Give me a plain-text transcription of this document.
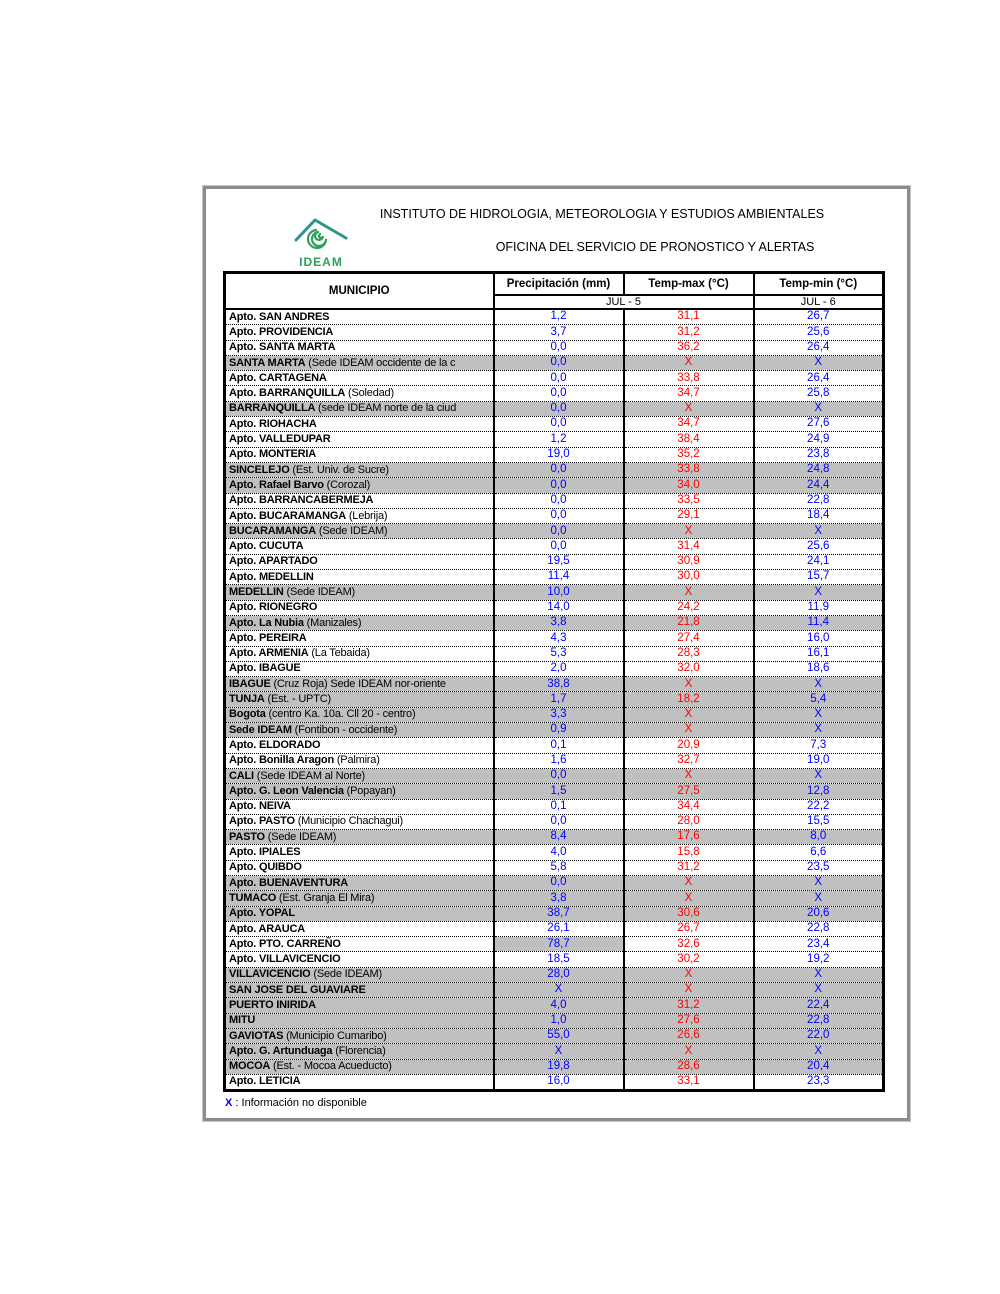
INSTITUTO DE HIDROLOGIA, METEOROLOGIA Y ESTUDIOS AMBIENTALES
OFICINA DEL SERVICIO DE PRONOSTICO Y ALERTAS
IDEAM
MUNICIPIO	Precipitación (mm)	Temp-max (°C)	Temp-min (°C)
	JUL - 5		JUL - 6
Apto. SAN ANDRES	1,2	31,1	26,7
Apto. PROVIDENCIA	3,7	31,2	25,6
Apto. SANTA MARTA	0,0	36,2	26,4
SANTA MARTA (Sede IDEAM occidente de la c	0,0	X	X
Apto. CARTAGENA	0,0	33,8	26,4
Apto. BARRANQUILLA (Soledad)	0,0	34,7	25,8
BARRANQUILLA (sede IDEAM norte de la ciud	0,0	X	X
Apto. RIOHACHA	0,0	34,7	27,6
Apto. VALLEDUPAR	1,2	38,4	24,9
Apto. MONTERIA	19,0	35,2	23,8
SINCELEJO (Est. Univ. de Sucre)	0,0	33,8	24,8
Apto. Rafael Barvo (Corozal)	0,0	34,0	24,4
Apto. BARRANCABERMEJA	0,0	33,5	22,8
Apto. BUCARAMANGA (Lebrija)	0,0	29,1	18,4
BUCARAMANGA (Sede IDEAM)	0,0	X	X
Apto. CUCUTA	0,0	31,4	25,6
Apto. APARTADO	19,5	30,9	24,1
Apto. MEDELLIN	11,4	30,0	15,7
MEDELLIN (Sede IDEAM)	10,0	X	X
Apto. RIONEGRO	14,0	24,2	11,9
Apto. La Nubia (Manizales)	3,8	21,8	11,4
Apto. PEREIRA	4,3	27,4	16,0
Apto. ARMENIA (La Tebaida)	5,3	28,3	16,1
Apto. IBAGUE	2,0	32,0	18,6
IBAGUE (Cruz Roja) Sede IDEAM nor-oriente	38,8	X	X
TUNJA (Est. - UPTC)	1,7	18,2	5,4
Bogota (centro Ka. 10a. Cll 20 - centro)	3,3	X	X
Sede IDEAM (Fontibon - occidente)	0,9	X	X
Apto. ELDORADO	0,1	20,9	7,3
Apto. Bonilla Aragon (Palmira)	1,6	32,7	19,0
CALI (Sede IDEAM al Norte)	0,0	X	X
Apto. G. Leon Valencia (Popayan)	1,5	27,5	12,8
Apto. NEIVA	0,1	34,4	22,2
Apto. PASTO (Municipio Chachagui)	0,0	28,0	15,5
PASTO (Sede IDEAM)	8,4	17,6	8,0
Apto. IPIALES	4,0	15,8	6,6
Apto. QUIBDO	5,8	31,2	23,5
Apto. BUENAVENTURA	0,0	X	X
TUMACO (Est. Granja El Mira)	3,8	X	X
Apto. YOPAL	38,7	30,6	20,6
Apto. ARAUCA	26,1	26,7	22,8
Apto. PTO. CARREÑO	78,7	32,6	23,4
Apto. VILLAVICENCIO	18,5	30,2	19,2
VILLAVICENCIO (Sede IDEAM)	28,0	X	X
SAN JOSE DEL GUAVIARE	X	X	X
PUERTO INIRIDA	4,0	31,2	22,4
MITU	1,0	27,6	22,8
GAVIOTAS (Municipio Cumaribo)	55,0	26,6	22,0
Apto. G. Artunduaga (Florencia)	X	X	X
MOCOA (Est. - Mocoa Acueducto)	19,8	28,6	20,4
Apto. LETICIA	16,0	33,1	23,3
X : Información no disponible
